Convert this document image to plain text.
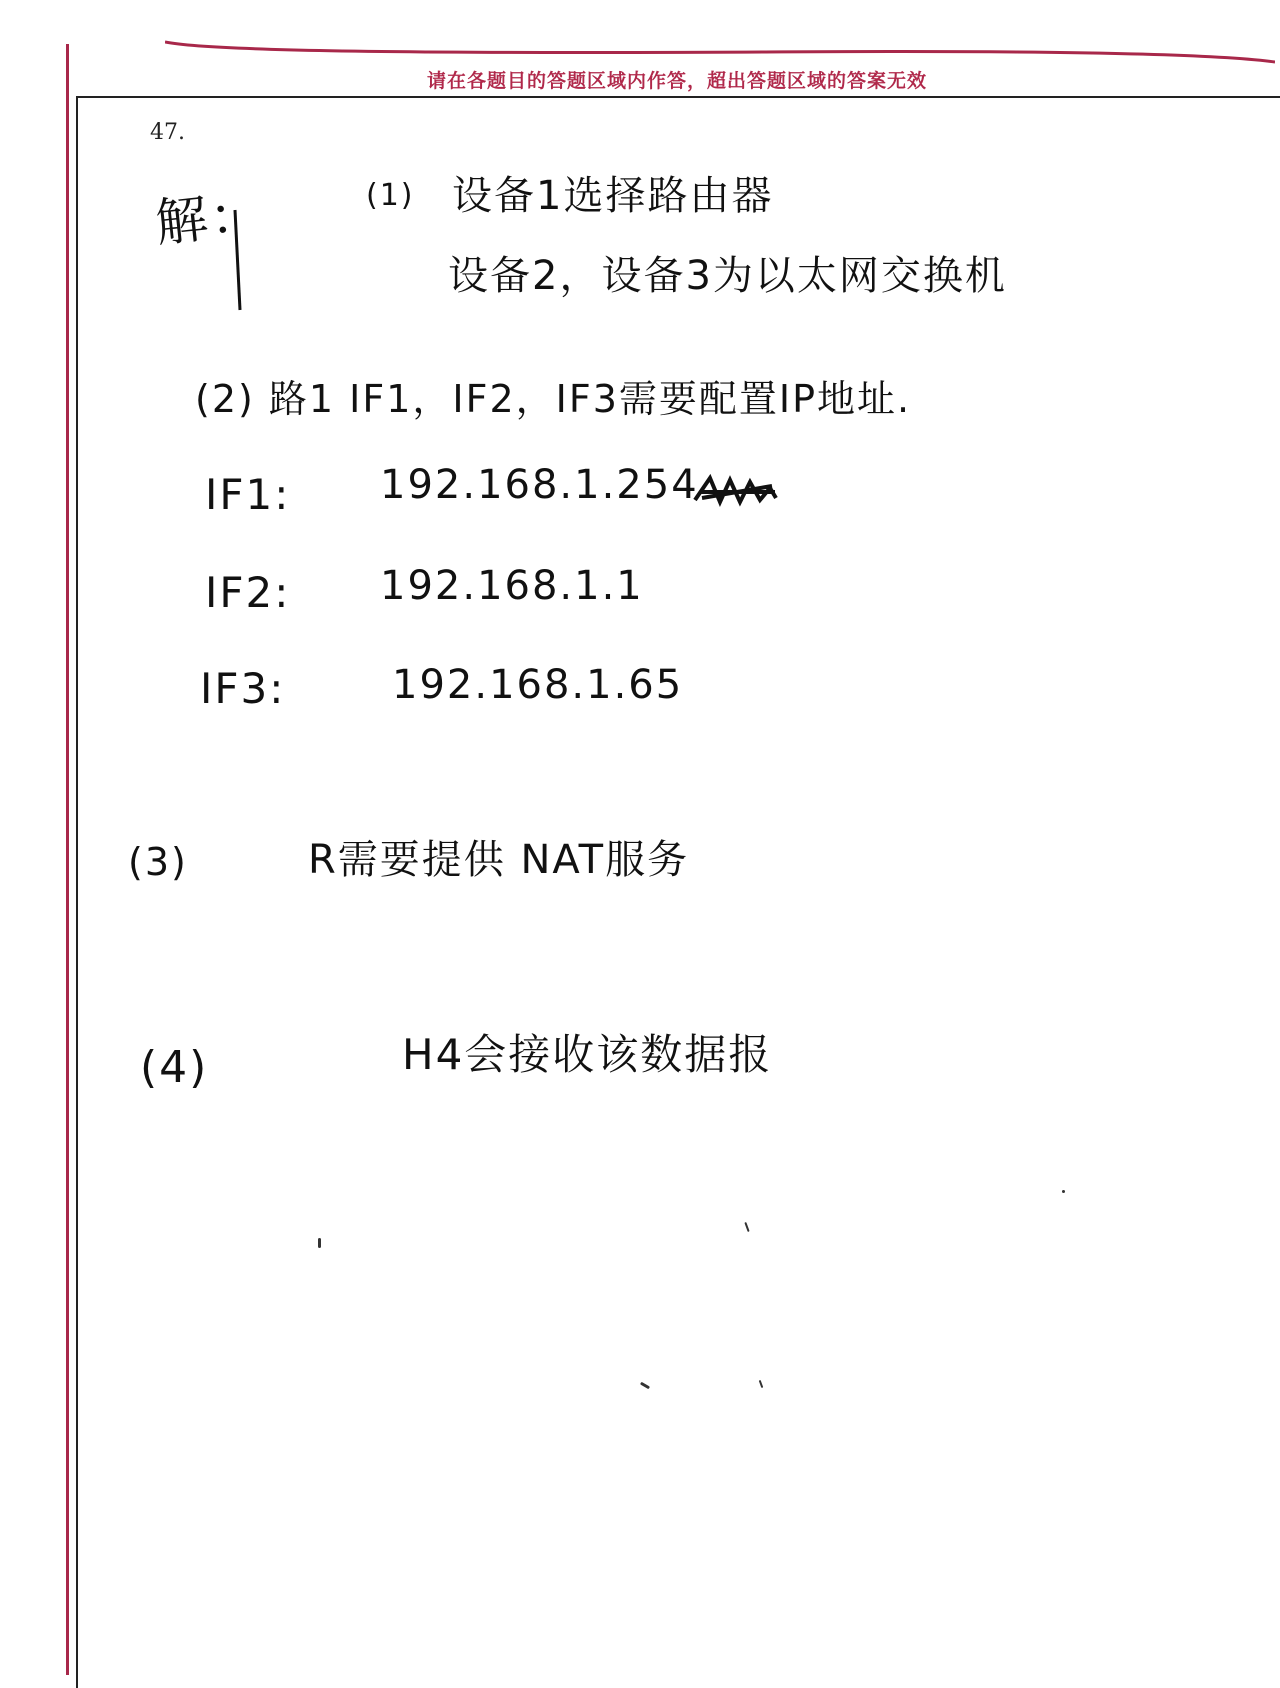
请在各题目的答题区域内作答，超出答题区域的答案无效
47.
解：	(1) 设备1选择路由器
设备2，设备3为以太网交换机
(2) 路1 IF1，IF2，IF3需要配置IP地址.
IF1: 192.168.1.254
IF2: 192.168.1.1
IF3:	192.168.1.65
(3)	R需要提供 NAT服务
(4)	H4会接收该数据报
